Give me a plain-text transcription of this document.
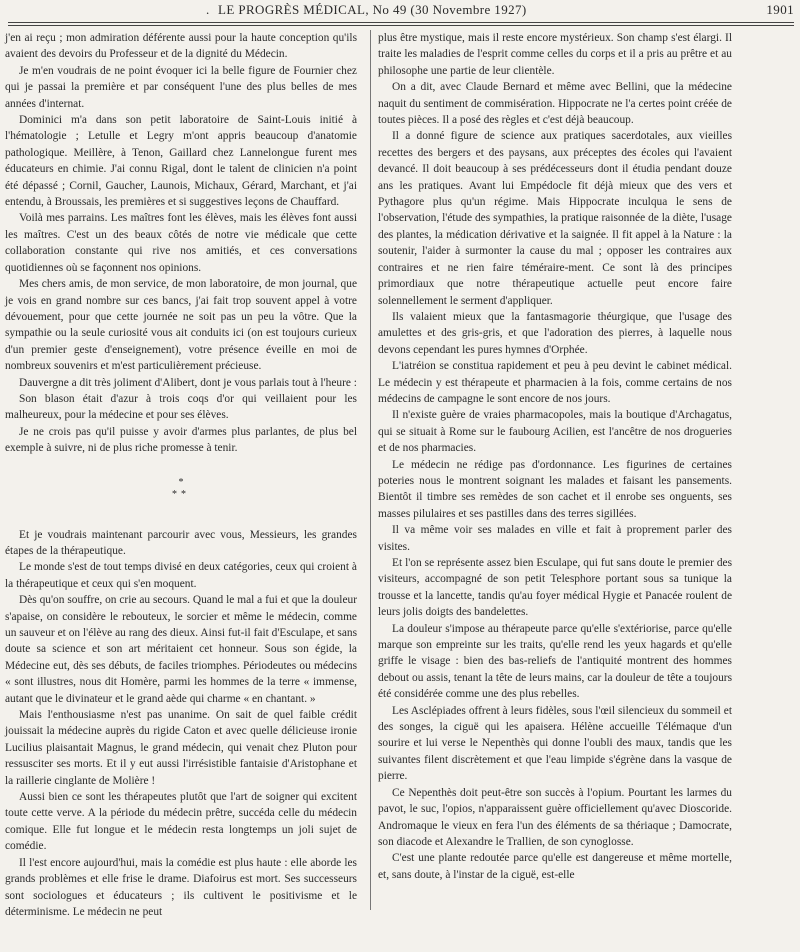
. LE PROGRÈS MÉDICAL, No 49 (30 Novembre 1927)	1901

j'en ai reçu ; mon admiration déférente aussi pour la haute conception qu'ils avaient des devoirs du Professeur et de la dignité du Médecin.

Je m'en voudrais de ne point évoquer ici la belle figure de Fournier chez qui je passai la première et par conséquent l'une des plus belles de mes années d'internat.

Dominici m'a dans son petit laboratoire de Saint-Louis initié à l'hématologie ; Letulle et Legry m'ont appris beaucoup d'anatomie pathologique. Meillère, à Tenon, Gaillard chez Lannelongue furent mes éducateurs en chimie. J'ai connu Rigal, dont le talent de clinicien n'a point été dépassé ; Cornil, Gaucher, Launois, Michaux, Gérard, Marchant, et j'ai entendu, à Broussais, les premières et si suggestives leçons de Chauffard.

Voilà mes parrains. Les maîtres font les élèves, mais les élèves font aussi les maîtres. C'est un des beaux côtés de notre vie médicale que cette collaboration constante qui rive nos amitiés, et ces conversations quotidiennes où se façonnent nos opinions.

Mes chers amis, de mon service, de mon laboratoire, de mon journal, que je vois en grand nombre sur ces bancs, j'ai fait trop souvent appel à votre dévouement, pour que cette journée ne soit pas un peu la vôtre. Que la sympathie ou la seule curiosité vous ait conduits ici (on est toujours curieux d'un premier geste d'enseignement), votre présence éveille en moi de nombreux souvenirs et m'est particulièrement précieuse.

Dauvergne a dit très joliment d'Alibert, dont je vous parlais tout à l'heure :

Son blason était d'azur à trois coqs d'or qui veillaient pour les malheureux, pour la médecine et pour ses élèves.

Je ne crois pas qu'il puisse y avoir d'armes plus parlantes, de plus bel exemple à suivre, ni de plus riche promesse à tenir.

*
**

Et je voudrais maintenant parcourir avec vous, Messieurs, les grandes étapes de la thérapeutique.

Le monde s'est de tout temps divisé en deux catégories, ceux qui croient à la thérapeutique et ceux qui s'en moquent.

Dès qu'on souffre, on crie au secours. Quand le mal a fui et que la douleur s'apaise, on considère le rebouteux, le sorcier et même le médecin, comme un sauveur et on l'élève au rang des dieux. Ainsi fut-il fait d'Esculape, et sans doute sa science et son art méritaient cet honneur. Sous son égide, la Médecine eut, dès ses débuts, de faciles triomphes. Périodeutes ou médecins « sont illustres, nous dit Homère, parmi les hommes de la terre « immense, autant que le divinateur et le grand aède qui charme « en chantant. »

Mais l'enthousiasme n'est pas unanime. On sait de quel faible crédit jouissait la médecine auprès du rigide Caton et avec quelle délicieuse ironie Lucilius plaisantait Magnus, le grand médecin, qui venait chez Pluton pour ressusciter ses morts. Et il y eut aussi l'irrésistible fantaisie d'Aristophane et la raillerie cinglante de Molière !

Aussi bien ce sont les thérapeutes plutôt que l'art de soigner qui excitent toute cette verve. A la période du médecin prêtre, succéda celle du médecin comique. Elle fut longue et le médecin resta longtemps un joli sujet de comédie.

Il l'est encore aujourd'hui, mais la comédie est plus haute : elle aborde les grands problèmes et elle frise le drame. Diafoirus est mort. Ses successeurs sont sociologues et éducateurs ; ils cultivent le positivisme et le déterminisme. Le médecin ne peut

plus être mystique, mais il reste encore mystérieux. Son champ s'est élargi. Il traite les maladies de l'esprit comme celles du corps et il a pris au prêtre et au philosophe une partie de leur clientèle.

On a dit, avec Claude Bernard et même avec Bellini, que la médecine naquit du sentiment de commisération. Hippocrate ne l'a certes point créée de toutes pièces. Il a posé des règles et c'est déjà beaucoup.

Il a donné figure de science aux pratiques sacerdotales, aux vieilles recettes des bergers et des paysans, aux préceptes des écoles qui l'avaient devancé. Il doit beaucoup à ses prédécesseurs dont il étudia pendant douze ans les pratiques. Avant lui Empédocle fit déjà mieux que des vers et Pythagore plus qu'un régime. Mais Hippocrate inculqua le sens de l'observation, l'étude des sympathies, la pratique raisonnée de la diète, l'usage des plantes, la médication dérivative et la saignée. Il fit appel à la Nature : la soutenir, l'aider à surmonter la cause du mal ; opposer les contraires aux contraires et ne rien faire téméraire-ment. Ce sont là des principes primordiaux que notre thérapeutique actuelle peut encore faire solennellement le serment d'appliquer.

Ils valaient mieux que la fantasmagorie théurgique, que l'usage des amulettes et des gris-gris, et que l'adoration des pierres, à laquelle nous devons cependant les pures hymnes d'Orphée.

L'iatréion se constitua rapidement et peu à peu devint le cabinet médical. Le médecin y est thérapeute et pharmacien à la fois, comme certains de nos médecins de campagne le sont encore de nos jours.

Il n'existe guère de vraies pharmacopoles, mais la boutique d'Archagatus, qui se situait à Rome sur le faubourg Acilien, est l'ancêtre de nos drogueries et de nos pharmacies.

Le médecin ne rédige pas d'ordonnance. Les figurines de certaines poteries nous le montrent soignant les malades et faisant les pansements. Bientôt il timbre ses remèdes de son cachet et il enrobe ses onguents, ses masses pilulaires et ses pastilles dans des terres sigillées.

Il va même voir ses malades en ville et fait à proprement parler des visites.

Et l'on se représente assez bien Esculape, qui fut sans doute le premier des visiteurs, accompagné de son petit Telesphore portant sous sa tunique la trousse et la lancette, tandis qu'au foyer médical Hygie et Panacée roulent de leurs jolis doigts des bandelettes.

La douleur s'impose au thérapeute parce qu'elle s'extériorise, parce qu'elle marque son empreinte sur les traits, qu'elle rend les yeux hagards et qu'elle griffe le visage : bien des bas-reliefs de l'antiquité montrent des hommes debout ou assis, tenant la tête de leurs mains, car la douleur de tête a toujours été considérée comme une des plus rebelles.

Les Asclépiades offrent à leurs fidèles, sous l'œil silencieux du sommeil et des songes, la ciguë qui les apaisera. Hélène accueille Télémaque d'un sourire et lui verse le Nepenthès qui donne l'oubli des maux, tandis que les suivantes filent discrètement et que l'eau limpide s'égrène dans la vasque de pierre.

Ce Nepenthès doit peut-être son succès à l'opium. Pourtant les larmes du pavot, le suc, l'opios, n'apparaissent guère officiellement qu'avec Dioscoride. Andromaque le vieux en fera l'un des éléments de sa thériaque ; Damocrate, son diacode et Alexandre le Trallien, de son cynoglosse.

C'est une plante redoutée parce qu'elle est dangereuse et même mortelle, et, sans doute, à l'instar de la ciguë, est-elle
